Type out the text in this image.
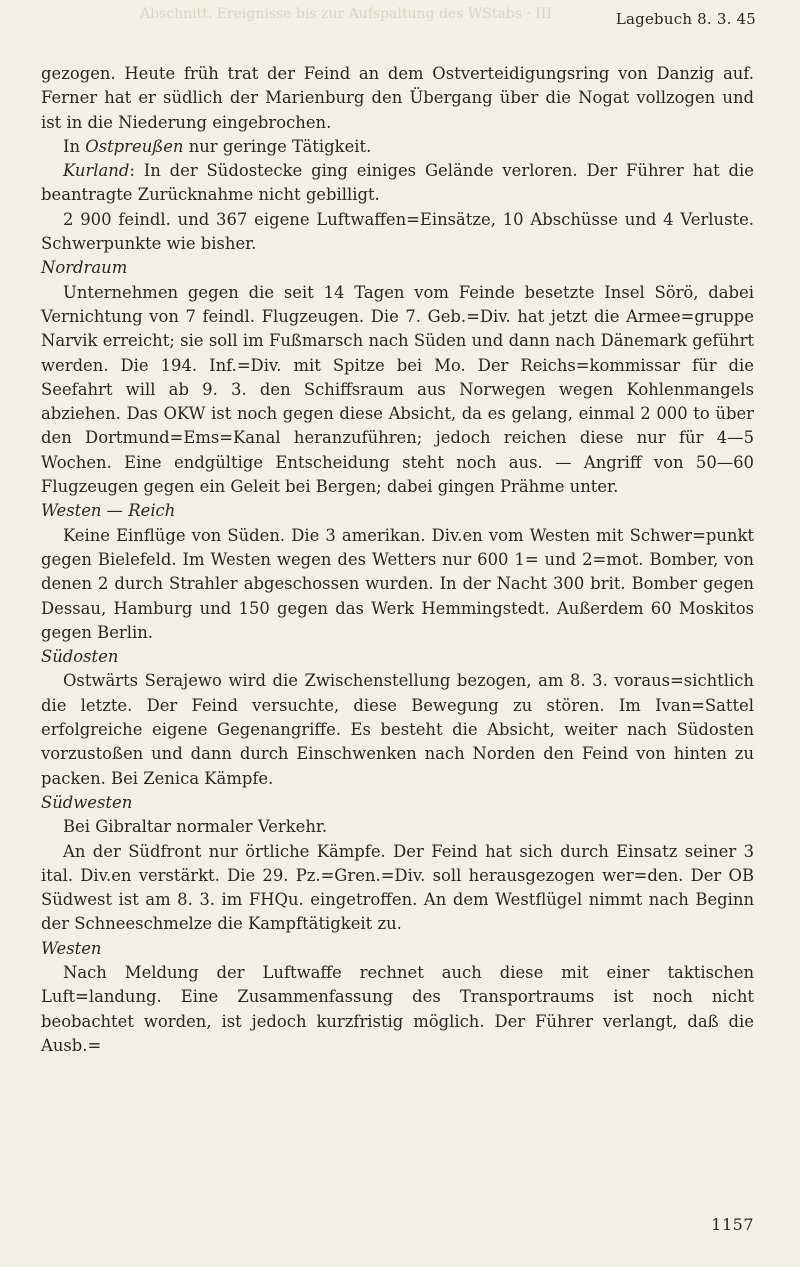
Abschnitt. Ereignisse bis zur Aufspaltung des WStabs · III	Lagebuch 8. 3. 45

gezogen. Heute früh trat der Feind an dem Ostverteidigungsring von Danzig auf. Ferner hat er südlich der Marienburg den Übergang über die Nogat vollzogen und ist in die Niederung eingebrochen.

In Ostpreußen nur geringe Tätigkeit.

Kurland: In der Südostecke ging einiges Gelände verloren. Der Führer hat die beantragte Zurücknahme nicht gebilligt.

2 900 feindl. und 367 eigene Luftwaffen=Einsätze, 10 Abschüsse und 4 Verluste. Schwerpunkte wie bisher.

Nordraum

Unternehmen gegen die seit 14 Tagen vom Feinde besetzte Insel Sörö, dabei Vernichtung von 7 feindl. Flugzeugen. Die 7. Geb.=Div. hat jetzt die Armee=gruppe Narvik erreicht; sie soll im Fußmarsch nach Süden und dann nach Dänemark geführt werden. Die 194. Inf.=Div. mit Spitze bei Mo. Der Reichs=kommissar für die Seefahrt will ab 9. 3. den Schiffsraum aus Norwegen wegen Kohlenmangels abziehen. Das OKW ist noch gegen diese Absicht, da es gelang, einmal 2 000 to über den Dortmund=Ems=Kanal heranzuführen; jedoch reichen diese nur für 4—5 Wochen. Eine endgültige Entscheidung steht noch aus. — Angriff von 50—60 Flugzeugen gegen ein Geleit bei Bergen; dabei gingen Prähme unter.

Westen — Reich

Keine Einflüge von Süden. Die 3 amerikan. Div.en vom Westen mit Schwer=punkt gegen Bielefeld. Im Westen wegen des Wetters nur 600 1= und 2=mot. Bomber, von denen 2 durch Strahler abgeschossen wurden. In der Nacht 300 brit. Bomber gegen Dessau, Hamburg und 150 gegen das Werk Hemmingstedt. Außerdem 60 Moskitos gegen Berlin.

Südosten

Ostwärts Serajewo wird die Zwischenstellung bezogen, am 8. 3. voraus=sichtlich die letzte. Der Feind versuchte, diese Bewegung zu stören. Im Ivan=Sattel erfolgreiche eigene Gegenangriffe. Es besteht die Absicht, weiter nach Südosten vorzustoßen und dann durch Einschwenken nach Norden den Feind von hinten zu packen. Bei Zenica Kämpfe.

Südwesten

Bei Gibraltar normaler Verkehr.

An der Südfront nur örtliche Kämpfe. Der Feind hat sich durch Einsatz seiner 3 ital. Div.en verstärkt. Die 29. Pz.=Gren.=Div. soll herausgezogen wer=den. Der OB Südwest ist am 8. 3. im FHQu. eingetroffen. An dem Westflügel nimmt nach Beginn der Schneeschmelze die Kampftätigkeit zu.

Westen

Nach Meldung der Luftwaffe rechnet auch diese mit einer taktischen Luft=landung. Eine Zusammenfassung des Transportraums ist noch nicht beobachtet worden, ist jedoch kurzfristig möglich. Der Führer verlangt, daß die Ausb.=

1157
